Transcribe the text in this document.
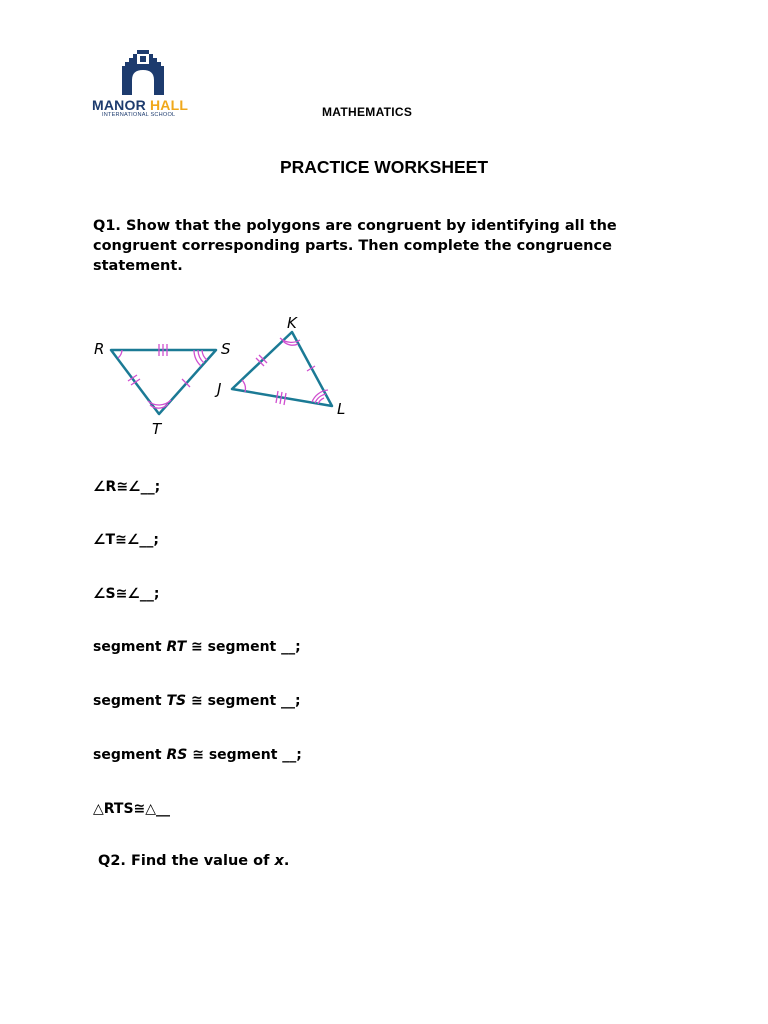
MANOR HALL
INTERNATIONAL SCHOOL	MATHEMATICS
PRACTICE WORKSHEET
Q1. Show that the polygons are congruent by identifying all the congruent corresponding parts. Then complete the congruence statement.
R	S
T
K
J
L
∠R≅∠__;
∠T≅∠__;
∠S≅∠__;
segment RT ≅ segment __;
segment TS ≅ segment __;
segment RS ≅ segment __;
△RTS≅△__
Q2. Find the value of x.
